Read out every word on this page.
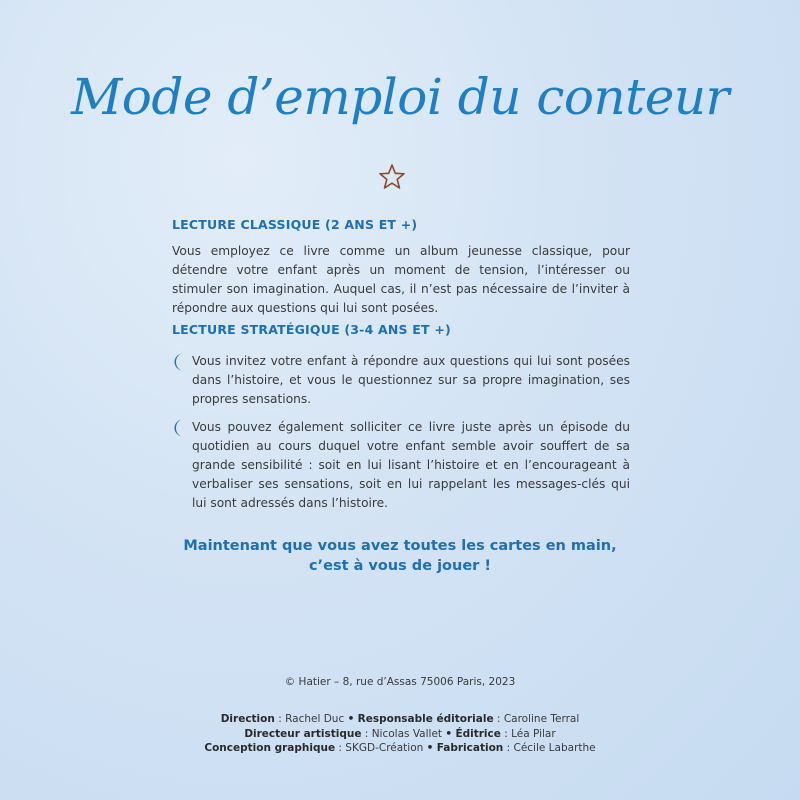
Mode d’emploi du conteur

LECTURE CLASSIQUE (2 ANS ET +)

Vous employez ce livre comme un album jeunesse classique, pour détendre votre enfant après un moment de tension, l’intéresser ou stimuler son imagination. Auquel cas, il n’est pas nécessaire de l’inviter à répondre aux questions qui lui sont posées.

LECTURE STRATÉGIQUE (3-4 ANS ET +)

Vous invitez votre enfant à répondre aux questions qui lui sont posées dans l’histoire, et vous le questionnez sur sa propre imagination, ses propres sensations.

Vous pouvez également solliciter ce livre juste après un épisode du quotidien au cours duquel votre enfant semble avoir souffert de sa grande sensibilité : soit en lui lisant l’histoire et en l’encourageant à verbaliser ses sensations, soit en lui rappelant les messages-clés qui lui sont adressés dans l’histoire.

Maintenant que vous avez toutes les cartes en main,
c’est à vous de jouer !

© Hatier – 8, rue d’Assas 75006 Paris, 2023
Direction : Rachel Duc • Responsable éditoriale : Caroline Terral
Directeur artistique : Nicolas Vallet • Éditrice : Léa Pilar
Conception graphique : SKGD-Création • Fabrication : Cécile Labarthe
